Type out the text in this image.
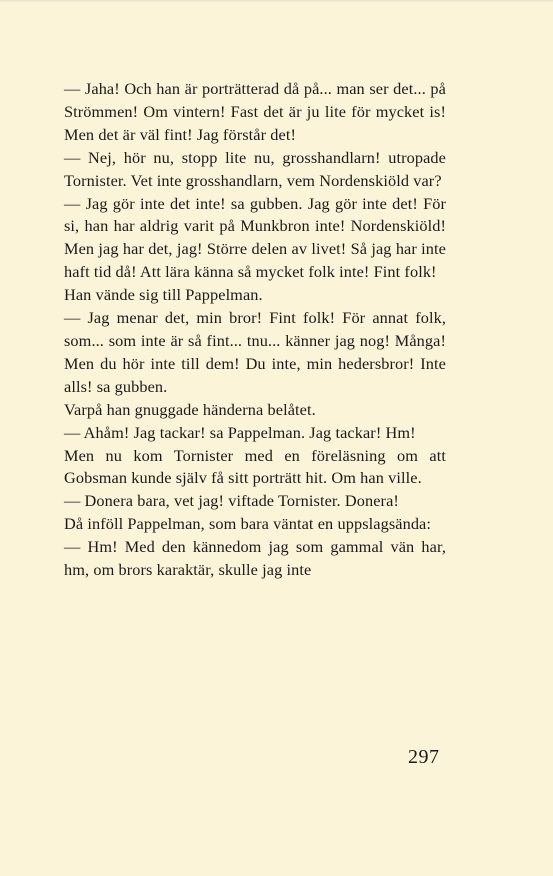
— Jaha! Och han är porträtterad då på... man ser det... på Strömmen! Om vintern! Fast det är ju lite för mycket is! Men det är väl fint! Jag förstår det!

— Nej, hör nu, stopp lite nu, grosshandlarn! utropade Tornister. Vet inte grosshandlarn, vem Nordenskiöld var?

— Jag gör inte det inte! sa gubben. Jag gör inte det! För si, han har aldrig varit på Munkbron inte! Nordenskiöld! Men jag har det, jag! Större delen av livet! Så jag har inte haft tid då! Att lära känna så mycket folk inte! Fint folk!

Han vände sig till Pappelman.

— Jag menar det, min bror! Fint folk! För annat folk, som... som inte är så fint... tnu... känner jag nog! Många! Men du hör inte till dem! Du inte, min hedersbror! Inte alls! sa gubben.

Varpå han gnuggade händerna belåtet.

— Ahåm! Jag tackar! sa Pappelman. Jag tackar! Hm!

Men nu kom Tornister med en föreläsning om att Gobsman kunde själv få sitt porträtt hit. Om han ville.

— Donera bara, vet jag! viftade Tornister. Donera!

Då inföll Pappelman, som bara väntat en uppslagsända:

— Hm! Med den kännedom jag som gammal vän har, hm, om brors karaktär, skulle jag inte

297
